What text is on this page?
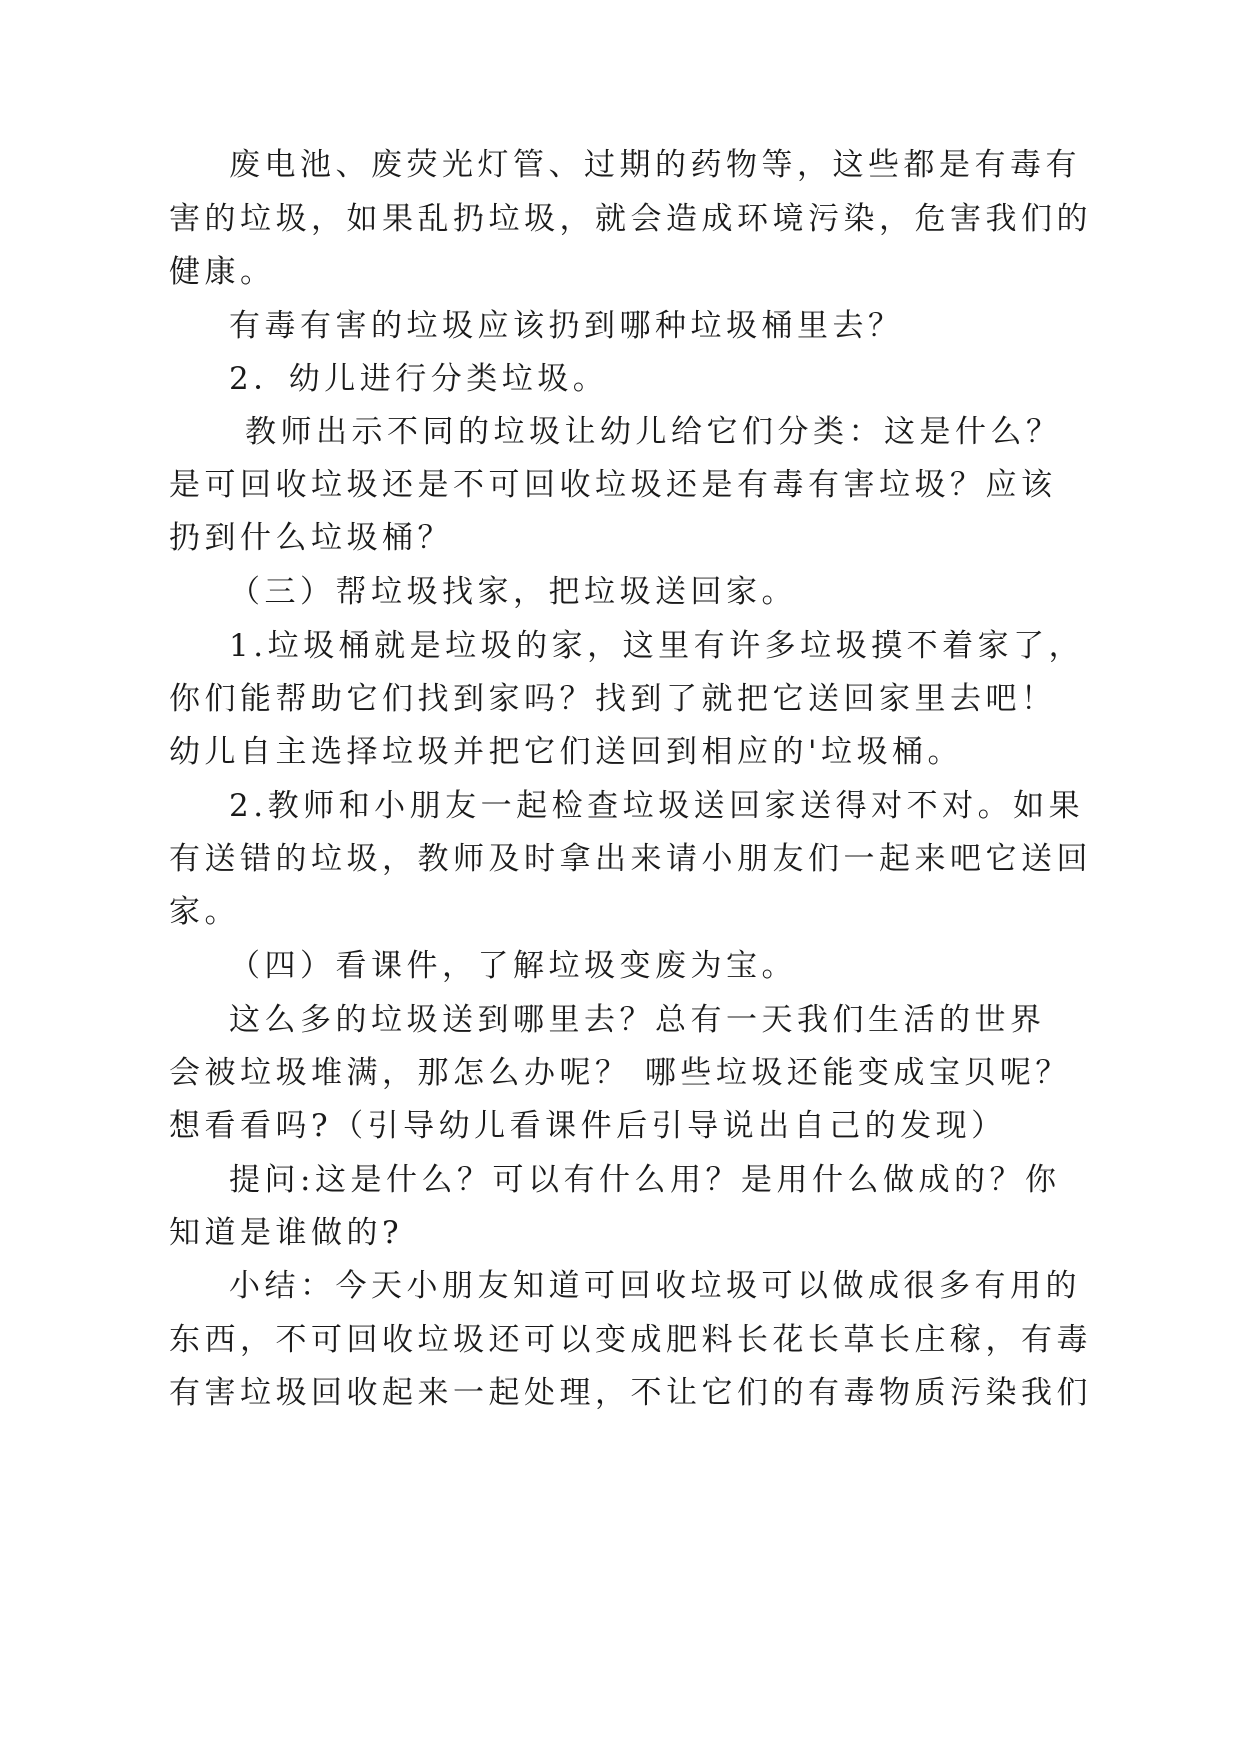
废电池、废荧光灯管、过期的药物等，这些都是有毒有
害的垃圾，如果乱扔垃圾，就会造成环境污染，危害我们的
健康。
有毒有害的垃圾应该扔到哪种垃圾桶里去？
2．幼儿进行分类垃圾。
教师出示不同的垃圾让幼儿给它们分类：这是什么？
是可回收垃圾还是不可回收垃圾还是有毒有害垃圾？应该
扔到什么垃圾桶？
（三）帮垃圾找家，把垃圾送回家。
1.垃圾桶就是垃圾的家，这里有许多垃圾摸不着家了，
你们能帮助它们找到家吗？找到了就把它送回家里去吧！
幼儿自主选择垃圾并把它们送回到相应的'垃圾桶。
2.教师和小朋友一起检查垃圾送回家送得对不对。如果
有送错的垃圾，教师及时拿出来请小朋友们一起来吧它送回
家。
（四）看课件，了解垃圾变废为宝。
这么多的垃圾送到哪里去？总有一天我们生活的世界
会被垃圾堆满，那怎么办呢？ 哪些垃圾还能变成宝贝呢？
想看看吗?（引导幼儿看课件后引导说出自己的发现）
提问:这是什么？可以有什么用？是用什么做成的？你
知道是谁做的?
小结：今天小朋友知道可回收垃圾可以做成很多有用的
东西，不可回收垃圾还可以变成肥料长花长草长庄稼，有毒
有害垃圾回收起来一起处理，不让它们的有毒物质污染我们
